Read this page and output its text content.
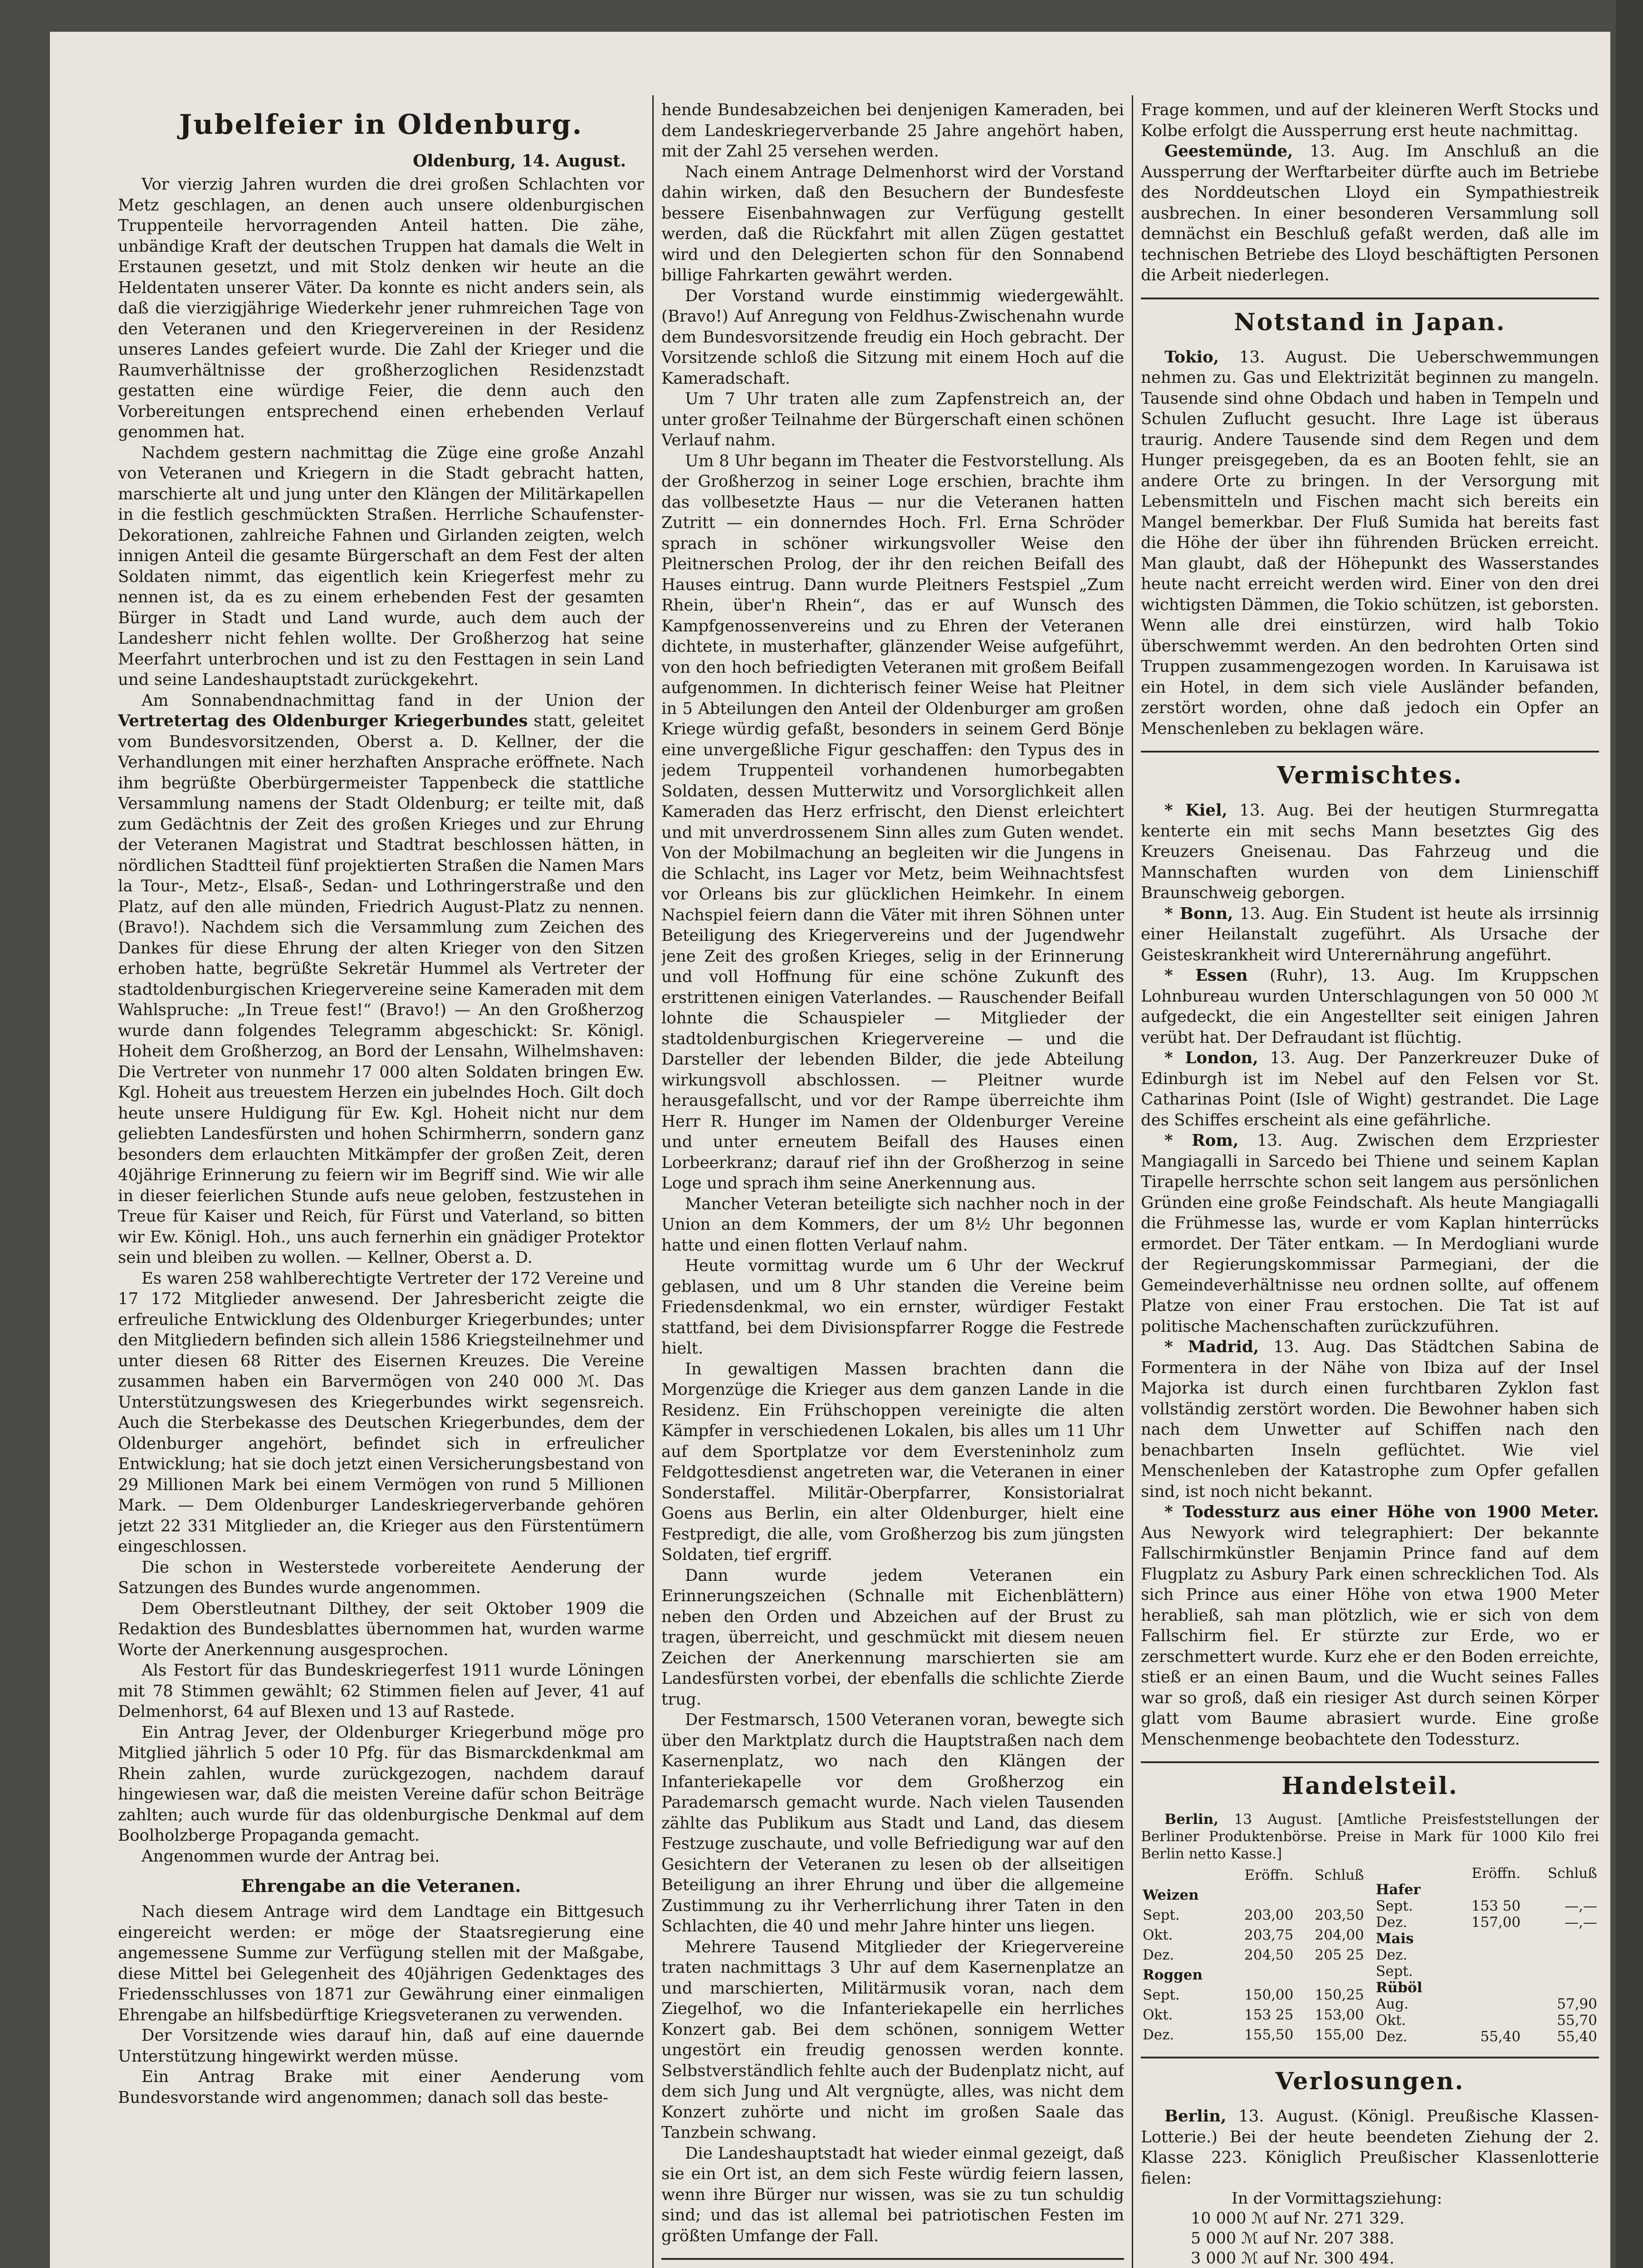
Jubelfeier in Oldenburg.
Oldenburg, 14. August.

Vor vierzig Jahren wurden die drei großen Schlachten vor Metz geschlagen, an denen auch unsere oldenburgischen Truppenteile hervorragenden Anteil hatten. Die zähe, unbändige Kraft der deutschen Truppen hat damals die Welt in Erstaunen gesetzt, und mit Stolz denken wir heute an die Heldentaten unserer Väter. Da konnte es nicht anders sein, als daß die vierzigjährige Wiederkehr jener ruhmreichen Tage von den Veteranen und den Kriegervereinen in der Residenz unseres Landes gefeiert wurde. Die Zahl der Krieger und die Raumverhältnisse der großherzoglichen Residenzstadt gestatten eine würdige Feier, die denn auch den Vorbereitungen entsprechend einen erhebenden Verlauf genommen hat.

Nachdem gestern nachmittag die Züge eine große Anzahl von Veteranen und Kriegern in die Stadt gebracht hatten, marschierte alt und jung unter den Klängen der Militärkapellen in die festlich geschmückten Straßen. Herrliche Schaufenster-Dekorationen, zahlreiche Fahnen und Girlanden zeigten, welch innigen Anteil die gesamte Bürgerschaft an dem Fest der alten Soldaten nimmt, das eigentlich kein Kriegerfest mehr zu nennen ist, da es zu einem erhebenden Fest der gesamten Bürger in Stadt und Land wurde, auch dem auch der Landesherr nicht fehlen wollte. Der Großherzog hat seine Meerfahrt unterbrochen und ist zu den Festtagen in sein Land und seine Landeshauptstadt zurückgekehrt.

Am Sonnabendnachmittag fand in der Union der Vertretertag des Oldenburger Kriegerbundes statt, geleitet vom Bundesvorsitzenden, Oberst a. D. Kellner, der die Verhandlungen mit einer herzhaften Ansprache eröffnete. Nach ihm begrüßte Oberbürgermeister Tappenbeck die stattliche Versammlung namens der Stadt Oldenburg; er teilte mit, daß zum Gedächtnis der Zeit des großen Krieges und zur Ehrung der Veteranen Magistrat und Stadtrat beschlossen hätten, in nördlichen Stadtteil fünf projektierten Straßen die Namen Mars la Tour-, Metz-, Elsaß-, Sedan- und Lothringerstraße und den Platz, auf den alle münden, Friedrich August-Platz zu nennen. (Bravo!). Nachdem sich die Versammlung zum Zeichen des Dankes für diese Ehrung der alten Krieger von den Sitzen erhoben hatte, begrüßte Sekretär Hummel als Vertreter der stadtoldenburgischen Kriegervereine seine Kameraden mit dem Wahlspruche: „In Treue fest!“ (Bravo!) — An den Großherzog wurde dann folgendes Telegramm abgeschickt: Sr. Königl. Hoheit dem Großherzog, an Bord der Lensahn, Wilhelmshaven: Die Vertreter von nunmehr 17 000 alten Soldaten bringen Ew. Kgl. Hoheit aus treuestem Herzen ein jubelndes Hoch. Gilt doch heute unsere Huldigung für Ew. Kgl. Hoheit nicht nur dem geliebten Landesfürsten und hohen Schirmherrn, sondern ganz besonders dem erlauchten Mitkämpfer der großen Zeit, deren 40jährige Erinnerung zu feiern wir im Begriff sind. Wie wir alle in dieser feierlichen Stunde aufs neue geloben, festzustehen in Treue für Kaiser und Reich, für Fürst und Vaterland, so bitten wir Ew. Königl. Hoh., uns auch fernerhin ein gnädiger Protektor sein und bleiben zu wollen. — Kellner, Oberst a. D.

Es waren 258 wahlberechtigte Vertreter der 172 Vereine und 17 172 Mitglieder anwesend. Der Jahresbericht zeigte die erfreuliche Entwicklung des Oldenburger Kriegerbundes; unter den Mitgliedern befinden sich allein 1586 Kriegsteilnehmer und unter diesen 68 Ritter des Eisernen Kreuzes. Die Vereine zusammen haben ein Barvermögen von 240 000 ℳ. Das Unterstützungswesen des Kriegerbundes wirkt segensreich. Auch die Sterbekasse des Deutschen Kriegerbundes, dem der Oldenburger angehört, befindet sich in erfreulicher Entwicklung; hat sie doch jetzt einen Versicherungsbestand von 29 Millionen Mark bei einem Vermögen von rund 5 Millionen Mark. — Dem Oldenburger Landeskriegerverbande gehören jetzt 22 331 Mitglieder an, die Krieger aus den Fürstentümern eingeschlossen.

Die schon in Westerstede vorbereitete Aenderung der Satzungen des Bundes wurde angenommen.

Dem Oberstleutnant Dilthey, der seit Oktober 1909 die Redaktion des Bundesblattes übernommen hat, wurden warme Worte der Anerkennung ausgesprochen.

Als Festort für das Bundeskriegerfest 1911 wurde Löningen mit 78 Stimmen gewählt; 62 Stimmen fielen auf Jever, 41 auf Delmenhorst, 64 auf Blexen und 13 auf Rastede.

Ein Antrag Jever, der Oldenburger Kriegerbund möge pro Mitglied jährlich 5 oder 10 Pfg. für das Bismarckdenkmal am Rhein zahlen, wurde zurückgezogen, nachdem darauf hingewiesen war, daß die meisten Vereine dafür schon Beiträge zahlten; auch wurde für das oldenburgische Denkmal auf dem Boolholzberge Propaganda gemacht.

Angenommen wurde der Antrag bei.

Ehrengabe an die Veteranen.

Nach diesem Antrage wird dem Landtage ein Bittgesuch eingereicht werden: er möge der Staatsregierung eine angemessene Summe zur Verfügung stellen mit der Maßgabe, diese Mittel bei Gelegenheit des 40jährigen Gedenktages des Friedensschlusses von 1871 zur Gewährung einer einmaligen Ehrengabe an hilfsbedürftige Kriegsveteranen zu verwenden.

Der Vorsitzende wies darauf hin, daß auf eine dauernde Unterstützung hingewirkt werden müsse.

Ein Antrag Brake mit einer Aenderung vom Bundesvorstande wird angenommen; danach soll das beste-

hende Bundesabzeichen bei denjenigen Kameraden, bei dem Landeskriegerverbande 25 Jahre angehört haben, mit der Zahl 25 versehen werden.

Nach einem Antrage Delmenhorst wird der Vorstand dahin wirken, daß den Besuchern der Bundesfeste bessere Eisenbahnwagen zur Verfügung gestellt werden, daß die Rückfahrt mit allen Zügen gestattet wird und den Delegierten schon für den Sonnabend billige Fahrkarten gewährt werden.

Der Vorstand wurde einstimmig wiedergewählt. (Bravo!) Auf Anregung von Feldhus-Zwischenahn wurde dem Bundesvorsitzende freudig ein Hoch gebracht. Der Vorsitzende schloß die Sitzung mit einem Hoch auf die Kameradschaft.

Um 7 Uhr traten alle zum Zapfenstreich an, der unter großer Teilnahme der Bürgerschaft einen schönen Verlauf nahm.

Um 8 Uhr begann im Theater die Festvorstellung. Als der Großherzog in seiner Loge erschien, brachte ihm das vollbesetzte Haus — nur die Veteranen hatten Zutritt — ein donnerndes Hoch. Frl. Erna Schröder sprach in schöner wirkungsvoller Weise den Pleitnerschen Prolog, der ihr den reichen Beifall des Hauses eintrug. Dann wurde Pleitners Festspiel „Zum Rhein, über'n Rhein“, das er auf Wunsch des Kampfgenossenvereins und zu Ehren der Veteranen dichtete, in musterhafter, glänzender Weise aufgeführt, von den hoch befriedigten Veteranen mit großem Beifall aufgenommen. In dichterisch feiner Weise hat Pleitner in 5 Abteilungen den Anteil der Oldenburger am großen Kriege würdig gefaßt, besonders in seinem Gerd Bönje eine unvergeßliche Figur geschaffen: den Typus des in jedem Truppenteil vorhandenen humorbegabten Soldaten, dessen Mutterwitz und Vorsorglichkeit allen Kameraden das Herz erfrischt, den Dienst erleichtert und mit unverdrossenem Sinn alles zum Guten wendet. Von der Mobilmachung an begleiten wir die Jungens in die Schlacht, ins Lager vor Metz, beim Weihnachtsfest vor Orleans bis zur glücklichen Heimkehr. In einem Nachspiel feiern dann die Väter mit ihren Söhnen unter Beteiligung des Kriegervereins und der Jugendwehr jene Zeit des großen Krieges, selig in der Erinnerung und voll Hoffnung für eine schöne Zukunft des erstrittenen einigen Vaterlandes. — Rauschender Beifall lohnte die Schauspieler — Mitglieder der stadtoldenburgischen Kriegervereine — und die Darsteller der lebenden Bilder, die jede Abteilung wirkungsvoll abschlossen. — Pleitner wurde herausgefallscht, und vor der Rampe überreichte ihm Herr R. Hunger im Namen der Oldenburger Vereine und unter erneutem Beifall des Hauses einen Lorbeerkranz; darauf rief ihn der Großherzog in seine Loge und sprach ihm seine Anerkennung aus.

Mancher Veteran beteiligte sich nachher noch in der Union an dem Kommers, der um 8½ Uhr begonnen hatte und einen flotten Verlauf nahm.

Heute vormittag wurde um 6 Uhr der Weckruf geblasen, und um 8 Uhr standen die Vereine beim Friedensdenkmal, wo ein ernster, würdiger Festakt stattfand, bei dem Divisionspfarrer Rogge die Festrede hielt.

In gewaltigen Massen brachten dann die Morgenzüge die Krieger aus dem ganzen Lande in die Residenz. Ein Frühschoppen vereinigte die alten Kämpfer in verschiedenen Lokalen, bis alles um 11 Uhr auf dem Sportplatze vor dem Eversteninholz zum Feldgottesdienst angetreten war, die Veteranen in einer Sonderstaffel. Militär-Oberpfarrer, Konsistorialrat Goens aus Berlin, ein alter Oldenburger, hielt eine Festpredigt, die alle, vom Großherzog bis zum jüngsten Soldaten, tief ergriff.

Dann wurde jedem Veteranen ein Erinnerungszeichen (Schnalle mit Eichenblättern) neben den Orden und Abzeichen auf der Brust zu tragen, überreicht, und geschmückt mit diesem neuen Zeichen der Anerkennung marschierten sie am Landesfürsten vorbei, der ebenfalls die schlichte Zierde trug.

Der Festmarsch, 1500 Veteranen voran, bewegte sich über den Marktplatz durch die Hauptstraßen nach dem Kasernenplatz, wo nach den Klängen der Infanteriekapelle vor dem Großherzog ein Parademarsch gemacht wurde. Nach vielen Tausenden zählte das Publikum aus Stadt und Land, das diesem Festzuge zuschaute, und volle Befriedigung war auf den Gesichtern der Veteranen zu lesen ob der allseitigen Beteiligung an ihrer Ehrung und über die allgemeine Zustimmung zu ihr Verherrlichung ihrer Taten in den Schlachten, die 40 und mehr Jahre hinter uns liegen.

Mehrere Tausend Mitglieder der Kriegervereine traten nachmittags 3 Uhr auf dem Kasernenplatze an und marschierten, Militärmusik voran, nach dem Ziegelhof, wo die Infanteriekapelle ein herrliches Konzert gab. Bei dem schönen, sonnigem Wetter ungestört ein freudig genossen werden konnte. Selbstverständlich fehlte auch der Budenplatz nicht, auf dem sich Jung und Alt vergnügte, alles, was nicht dem Konzert zuhörte und nicht im großen Saale das Tanzbein schwang.

Die Landeshauptstadt hat wieder einmal gezeigt, daß sie ein Ort ist, an dem sich Feste würdig feiern lassen, wenn ihre Bürger nur wissen, was sie zu tun schuldig sind; und das ist allemal bei patriotischen Festen im größten Umfange der Fall.

Frage kommen, und auf der kleineren Werft Stocks und Kolbe erfolgt die Aussperrung erst heute nachmittag.

Geestemünde, 13. Aug. Im Anschluß an die Aussperrung der Werftarbeiter dürfte auch im Betriebe des Norddeutschen Lloyd ein Sympathiestreik ausbrechen. In einer besonderen Versammlung soll demnächst ein Beschluß gefaßt werden, daß alle im technischen Betriebe des Lloyd beschäftigten Personen die Arbeit niederlegen.

Notstand in Japan.

Tokio, 13. August. Die Ueberschwemmungen nehmen zu. Gas und Elektrizität beginnen zu mangeln. Tausende sind ohne Obdach und haben in Tempeln und Schulen Zuflucht gesucht. Ihre Lage ist überaus traurig. Andere Tausende sind dem Regen und dem Hunger preisgegeben, da es an Booten fehlt, sie an andere Orte zu bringen. In der Versorgung mit Lebensmitteln und Fischen macht sich bereits ein Mangel bemerkbar. Der Fluß Sumida hat bereits fast die Höhe der über ihn führenden Brücken erreicht. Man glaubt, daß der Höhepunkt des Wasserstandes heute nacht erreicht werden wird. Einer von den drei wichtigsten Dämmen, die Tokio schützen, ist geborsten. Wenn alle drei einstürzen, wird halb Tokio überschwemmt werden. An den bedrohten Orten sind Truppen zusammengezogen worden. In Karuisawa ist ein Hotel, in dem sich viele Ausländer befanden, zerstört worden, ohne daß jedoch ein Opfer an Menschenleben zu beklagen wäre.

Vermischtes.

* Kiel, 13. Aug. Bei der heutigen Sturmregatta kenterte ein mit sechs Mann besetztes Gig des Kreuzers Gneisenau. Das Fahrzeug und die Mannschaften wurden von dem Linienschiff Braunschweig geborgen.

* Bonn, 13. Aug. Ein Student ist heute als irrsinnig einer Heilanstalt zugeführt. Als Ursache der Geisteskrankheit wird Unterernährung angeführt.

* Essen (Ruhr), 13. Aug. Im Kruppschen Lohnbureau wurden Unterschlagungen von 50 000 ℳ aufgedeckt, die ein Angestellter seit einigen Jahren verübt hat. Der Defraudant ist flüchtig.

* London, 13. Aug. Der Panzerkreuzer Duke of Edinburgh ist im Nebel auf den Felsen vor St. Catharinas Point (Isle of Wight) gestrandet. Die Lage des Schiffes erscheint als eine gefährliche.

* Rom, 13. Aug. Zwischen dem Erzpriester Mangiagalli in Sarcedo bei Thiene und seinem Kaplan Tirapelle herrschte schon seit langem aus persönlichen Gründen eine große Feindschaft. Als heute Mangiagalli die Frühmesse las, wurde er vom Kaplan hinterrücks ermordet. Der Täter entkam. — In Merdogliani wurde der Regierungskommissar Parmegiani, der die Gemeindeverhältnisse neu ordnen sollte, auf offenem Platze von einer Frau erstochen. Die Tat ist auf politische Machenschaften zurückzuführen.

* Madrid, 13. Aug. Das Städtchen Sabina de Formentera in der Nähe von Ibiza auf der Insel Majorka ist durch einen furchtbaren Zyklon fast vollständig zerstört worden. Die Bewohner haben sich nach dem Unwetter auf Schiffen nach den benachbarten Inseln geflüchtet. Wie viel Menschenleben der Katastrophe zum Opfer gefallen sind, ist noch nicht bekannt.

* Todessturz aus einer Höhe von 1900 Meter. Aus Newyork wird telegraphiert: Der bekannte Fallschirmkünstler Benjamin Prince fand auf dem Flugplatz zu Asbury Park einen schrecklichen Tod. Als sich Prince aus einer Höhe von etwa 1900 Meter herabließ, sah man plötzlich, wie er sich von dem Fallschirm fiel. Er stürzte zur Erde, wo er zerschmettert wurde. Kurz ehe er den Boden erreichte, stieß er an einen Baum, und die Wucht seines Falles war so groß, daß ein riesiger Ast durch seinen Körper glatt vom Baume abrasiert wurde. Eine große Menschenmenge beobachtete den Todessturz.

Handelsteil.

Berlin, 13 August. [Amtliche Preisfeststellungen der Berliner Produktenbörse. Preise in Mark für 1000 Kilo frei Berlin netto Kasse.]

	Eröffn.	Schluß
Weizen		
Sept.	203,00	203,50
Okt.	203,75	204,00
Dez.	204,50	205 25

Roggen		
Sept.	150,00	150,25
Okt.	153 25	153,00
Dez.	155,50	155,00
	Eröffn.	Schluß
Hafer		
Sept.	153 50	—,—
Dez.	157,00	—,—
Mais		
Dez.		
Sept.		
Rüböl		
Aug.		57,90
Okt.		55,70
Dez.	55,40	55,40
Verlosungen.

Berlin, 13. August. (Königl. Preußische Klassen-Lotterie.) Bei der heute beendeten Ziehung der 2. Klasse 223. Königlich Preußischer Klassenlotterie fielen:

In der Vormittagsziehung:
10 000 ℳ auf Nr. 271 329.
5 000 ℳ auf Nr. 207 388.
3 000 ℳ auf Nr. 300 494.
